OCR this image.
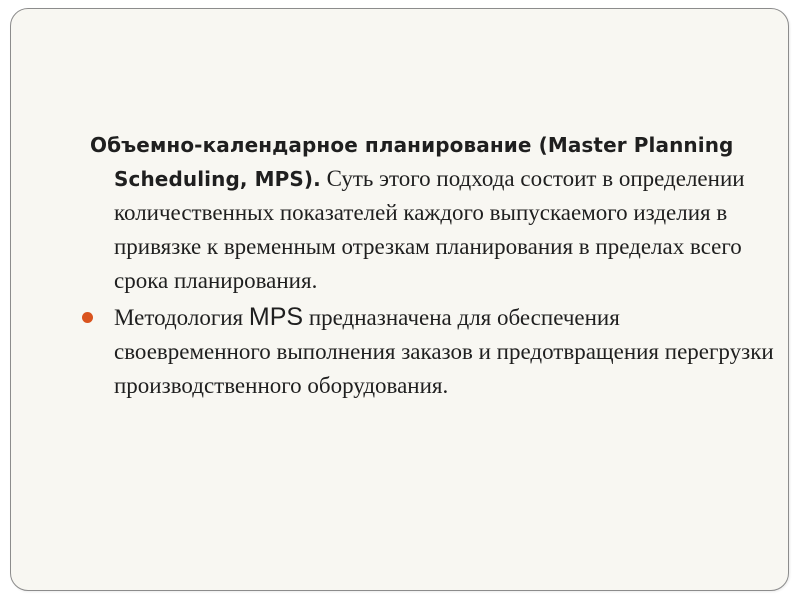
Объемно-календарное планирование (Master Planning Scheduling, MPS). Суть этого подхода состоит в определении количественных показателей каждого выпускаемого изделия в привязке к временным отрезкам планирования в пределах всего срока планирования.

Методология MPS предназначена для обеспечения своевременного выполнения заказов и предотвращения перегрузки производственного оборудования.
